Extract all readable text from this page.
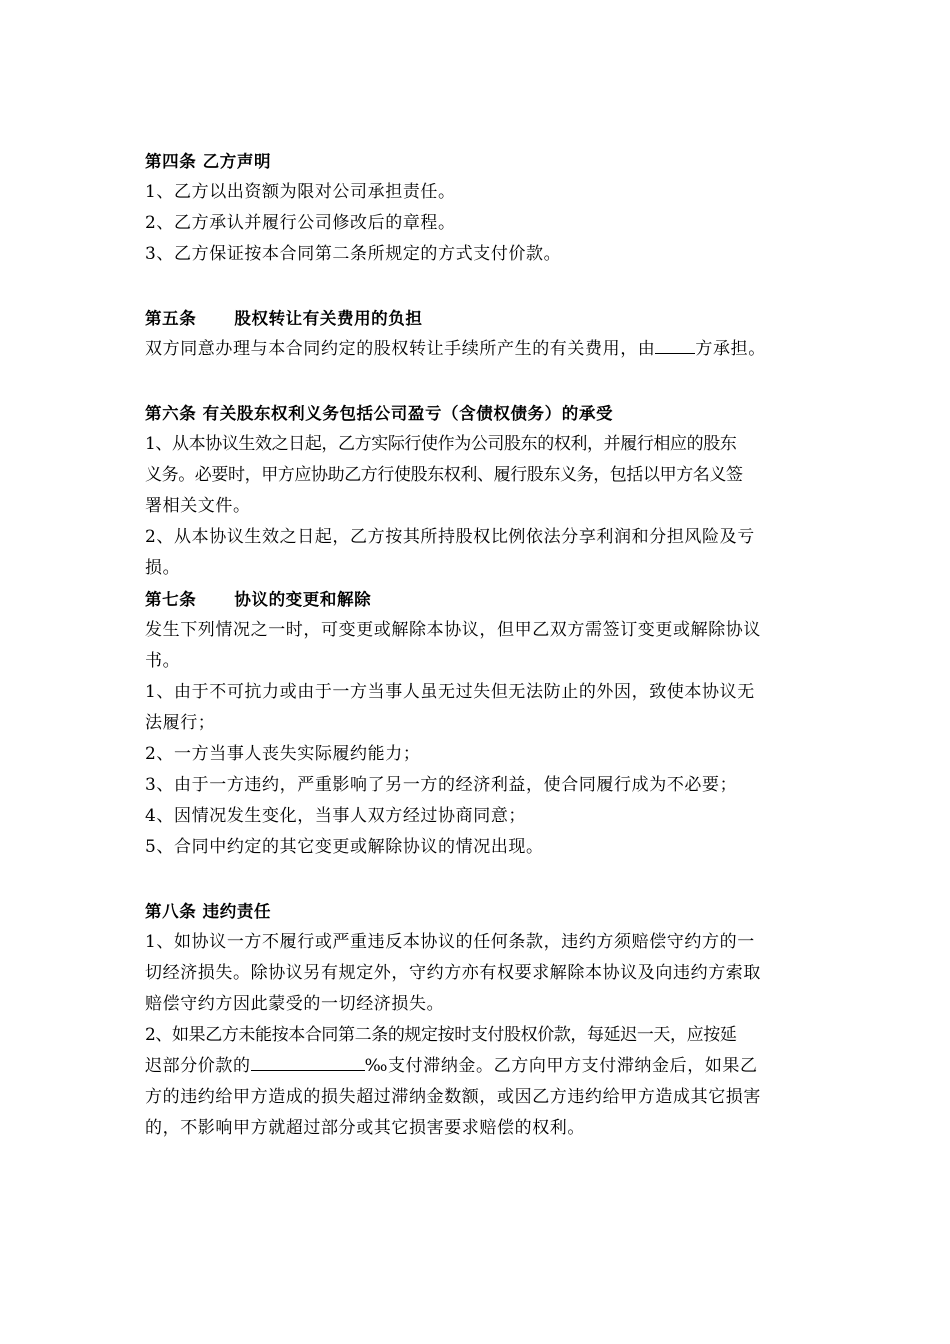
第四条 乙方声明
1、乙方以出资额为限对公司承担责任。
2、乙方承认并履行公司修改后的章程。
3、乙方保证按本合同第二条所规定的方式支付价款。
第五条      股权转让有关费用的负担
双方同意办理与本合同约定的股权转让手续所产生的有关费用，由 方承担。
第六条 有关股东权利义务包括公司盈亏（含债权债务）的承受
1、从本协议生效之日起，乙方实际行使作为公司股东的权利，并履行相应的股东
义务。必要时，甲方应协助乙方行使股东权利、履行股东义务，包括以甲方名义签
署相关文件。
2、从本协议生效之日起，乙方按其所持股权比例依法分享利润和分担风险及亏
损。
第七条      协议的变更和解除
发生下列情况之一时，可变更或解除本协议，但甲乙双方需签订变更或解除协议
书。
1、由于不可抗力或由于一方当事人虽无过失但无法防止的外因，致使本协议无
法履行；
2、一方当事人丧失实际履约能力；
3、由于一方违约，严重影响了另一方的经济利益，使合同履行成为不必要；
4、因情况发生变化，当事人双方经过协商同意；
5、合同中约定的其它变更或解除协议的情况出现。
第八条 违约责任
1、如协议一方不履行或严重违反本协议的任何条款，违约方须赔偿守约方的一
切经济损失。除协议另有规定外，守约方亦有权要求解除本协议及向违约方索取
赔偿守约方因此蒙受的一切经济损失。
2、如果乙方未能按本合同第二条的规定按时支付股权价款，每延迟一天，应按延
迟部分价款的	‰支付滞纳金。乙方向甲方支付滞纳金后，如果乙
方的违约给甲方造成的损失超过滞纳金数额，或因乙方违约给甲方造成其它损害
的，不影响甲方就超过部分或其它损害要求赔偿的权利。
